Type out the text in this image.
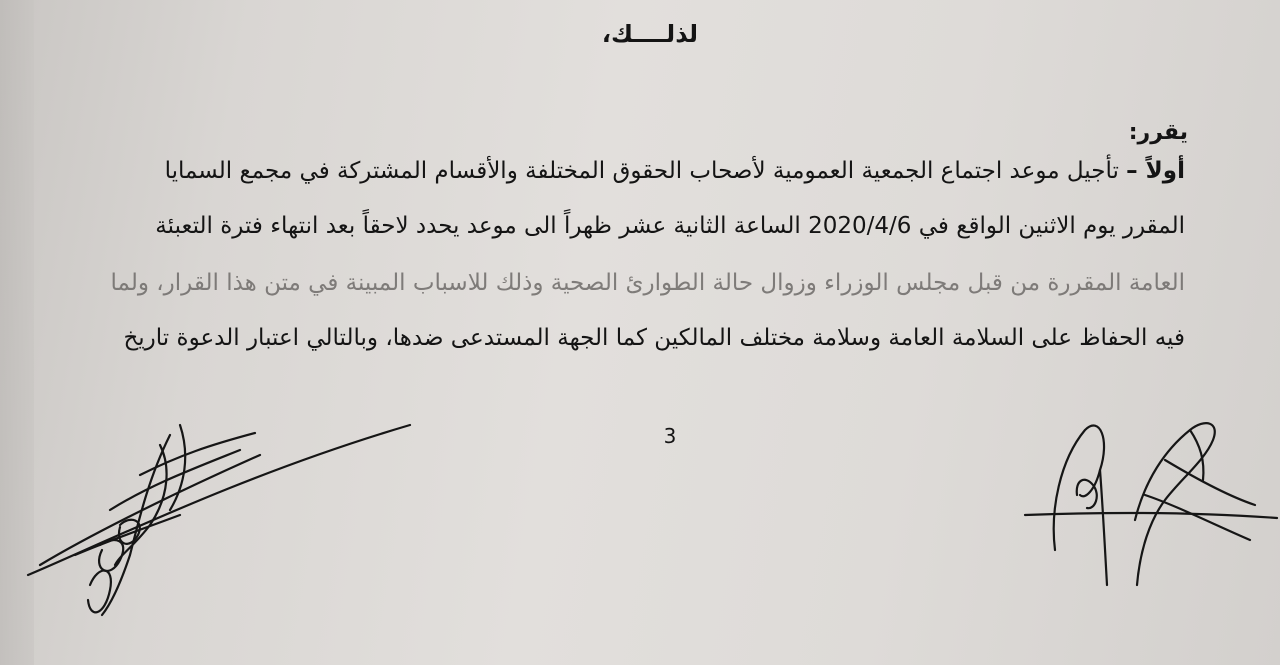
لذلــــك،
يقرر:
أولاً – تأجيل موعد اجتماع الجمعية العمومية لأصحاب الحقوق المختلفة والأقسام المشتركة في مجمع السمايا
المقرر يوم الاثنين الواقع في 2020/4/6 الساعة الثانية عشر ظهراً الى موعد يحدد لاحقاً بعد انتهاء فترة التعبئة
العامة المقررة من قبل مجلس الوزراء وزوال حالة الطوارئ الصحية وذلك للاسباب المبينة في متن هذا القرار، ولما
فيه الحفاظ على السلامة العامة وسلامة مختلف المالكين كما الجهة المستدعى ضدها، وبالتالي اعتبار الدعوة تاريخ
3
